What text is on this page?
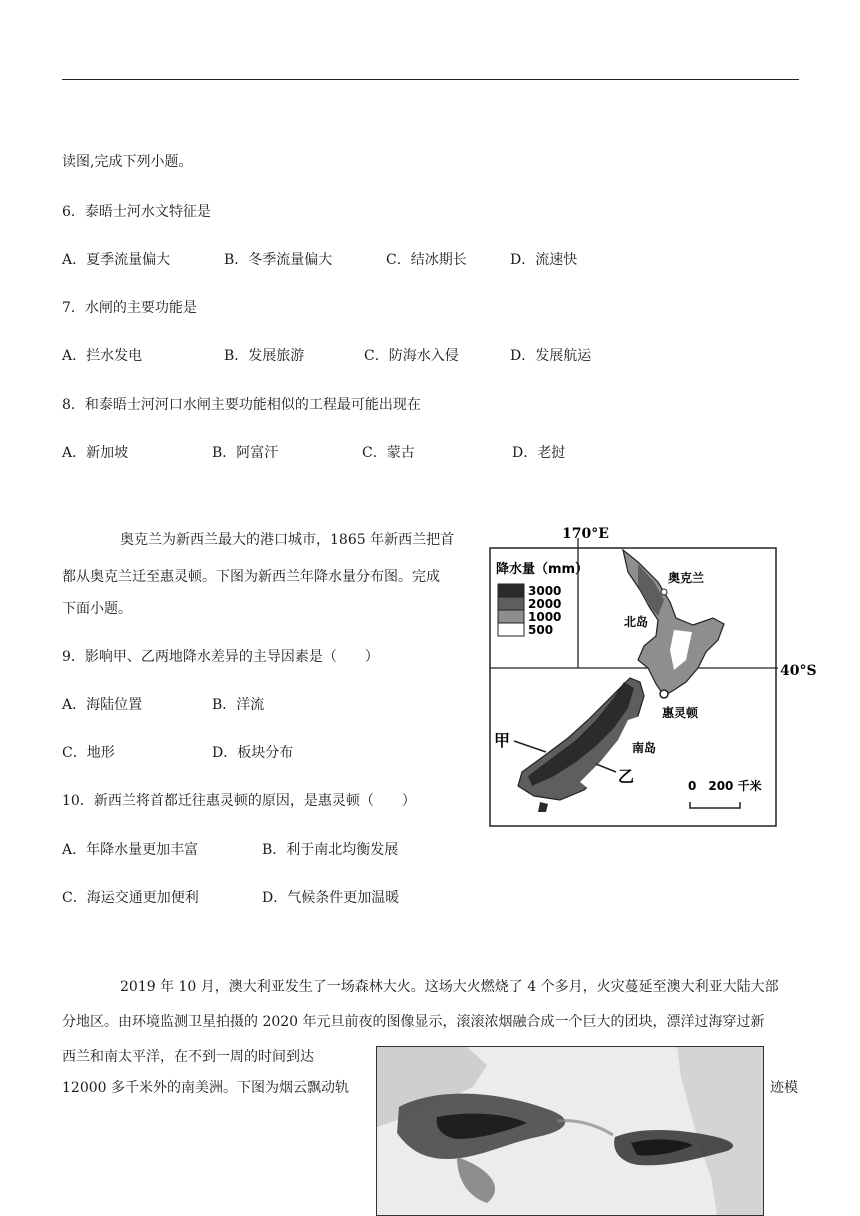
读图,完成下列小题。
6．泰晤士河水文特征是
A．夏季流量偏大	B．冬季流量偏大	C．结冰期长	D．流速快
7．水闸的主要功能是
A．拦水发电	B．发展旅游	C．防海水入侵	D．发展航运
8．和泰晤士河河口水闸主要功能相似的工程最可能出现在
A．新加坡	B．阿富汗	C．蒙古	D．老挝
奥克兰为新西兰最大的港口城市，1865 年新西兰把首
都从奥克兰迁至惠灵顿。下图为新西兰年降水量分布图。完成
下面小题。
9．影响甲、乙两地降水差异的主导因素是（　　）
A．海陆位置	B．洋流
C．地形	D．板块分布
10．新西兰将首都迁往惠灵顿的原因，是惠灵顿（　　）
A．年降水量更加丰富	B．利于南北均衡发展
C．海运交通更加便利	D．气候条件更加温暖
170°E
40°S
降水量（mm）
3000
2000
1000
500
奥克兰
北岛
惠灵顿
南岛
甲
乙	0　200 千米
2019 年 10 月，澳大利亚发生了一场森林大火。这场大火燃烧了 4 个多月，火灾蔓延至澳大利亚大陆大部
分地区。由环境监测卫星拍摄的 2020 年元旦前夜的图像显示，滚滚浓烟融合成一个巨大的团块，漂洋过海穿过新
西兰和南太平洋，在不到一周的时间到达
12000 多千米外的南美洲。下图为烟云飘动轨	迹模
